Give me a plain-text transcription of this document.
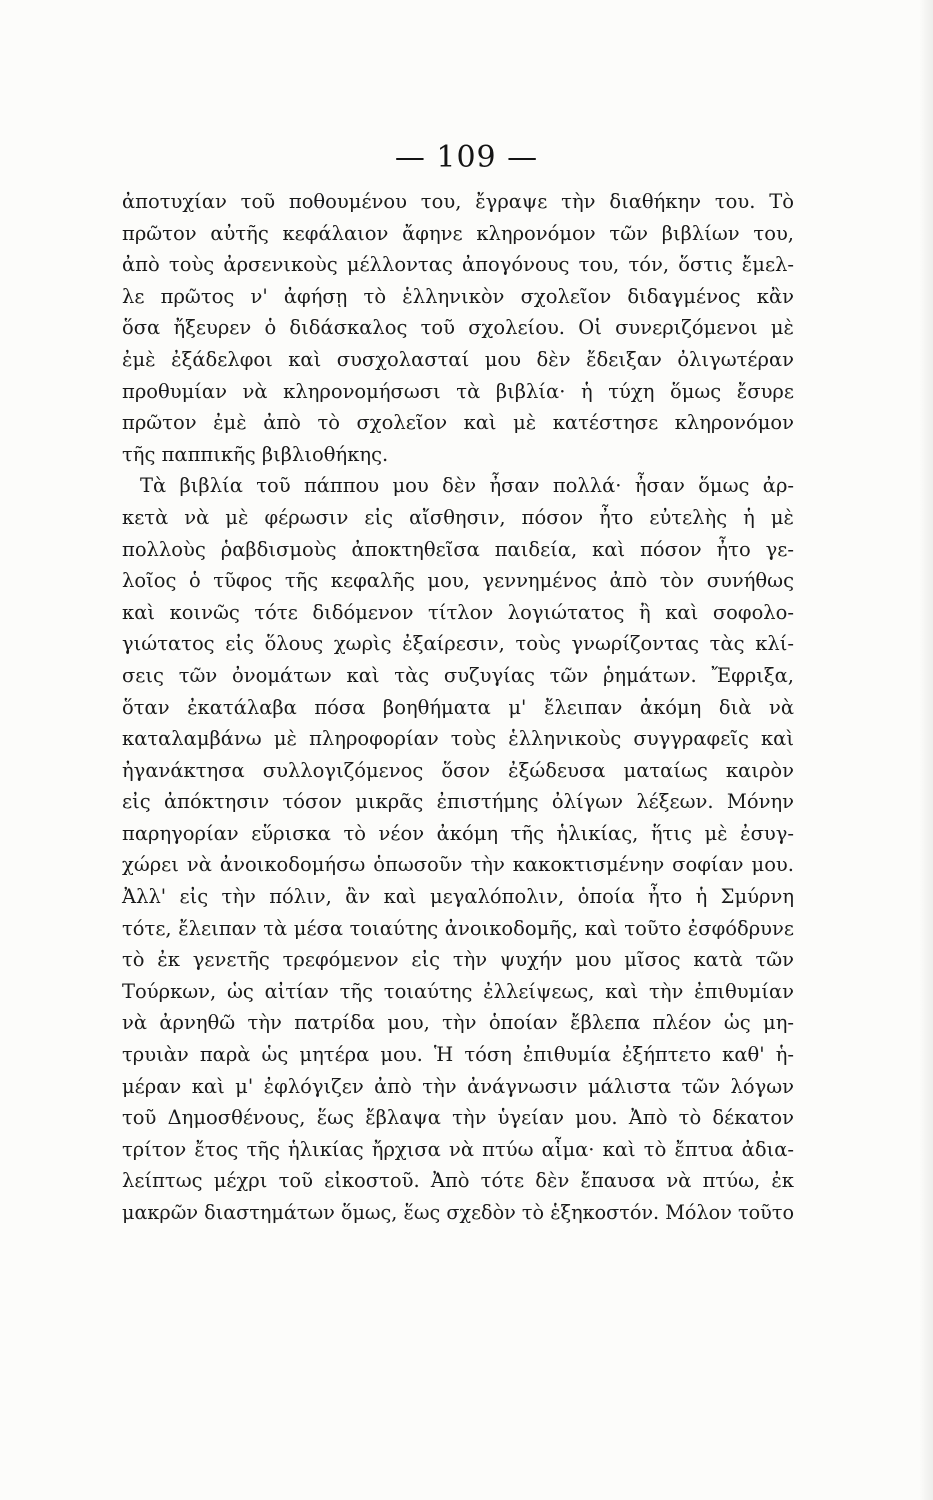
— 109 —
ἀποτυχίαν τοῦ ποθουμένου του, ἔγραψε τὴν διαθήκην του. Τὸ
πρῶτον αὐτῆς κεφάλαιον ἄφηνε κληρονόμον τῶν βιβλίων του,
ἀπὸ τοὺς ἀρσενικοὺς μέλλοντας ἀπογόνους του, τόν, ὅστις ἔμελ-
λε πρῶτος ν' ἀφήσῃ τὸ ἑλληνικὸν σχολεῖον διδαγμένος κἂν
ὅσα ἤξευρεν ὁ διδάσκαλος τοῦ σχολείου. Οἱ συνεριζόμενοι μὲ
ἐμὲ ἐξάδελφοι καὶ συσχολασταί μου δὲν ἔδειξαν ὀλιγωτέραν
προθυμίαν νὰ κληρονομήσωσι τὰ βιβλία· ἡ τύχη ὅμως ἔσυρε
πρῶτον ἐμὲ ἀπὸ τὸ σχολεῖον καὶ μὲ κατέστησε κληρονόμον
τῆς παππικῆς βιβλιοθήκης.
Τὰ βιβλία τοῦ πάππου μου δὲν ἦσαν πολλά· ἦσαν ὅμως ἀρ-
κετὰ νὰ μὲ φέρωσιν εἰς αἴσθησιν, πόσον ἦτο εὐτελὴς ἡ μὲ
πολλοὺς ῥαβδισμοὺς ἀποκτηθεῖσα παιδεία, καὶ πόσον ἦτο γε-
λοῖος ὁ τῦφος τῆς κεφαλῆς μου, γεννημένος ἀπὸ τὸν συνήθως
καὶ κοινῶς τότε διδόμενον τίτλον λογιώτατος ἢ καὶ σοφολο-
γιώτατος εἰς ὅλους χωρὶς ἐξαίρεσιν, τοὺς γνωρίζοντας τὰς κλί-
σεις τῶν ὀνομάτων καὶ τὰς συζυγίας τῶν ῥημάτων. Ἔφριξα,
ὅταν ἐκατάλαβα πόσα βοηθήματα μ' ἔλειπαν ἀκόμη διὰ νὰ
καταλαμβάνω μὲ πληροφορίαν τοὺς ἑλληνικοὺς συγγραφεῖς καὶ
ἠγανάκτησα συλλογιζόμενος ὅσον ἐξώδευσα ματαίως καιρὸν
εἰς ἀπόκτησιν τόσον μικρᾶς ἐπιστήμης ὀλίγων λέξεων. Μόνην
παρηγορίαν εὕρισκα τὸ νέον ἀκόμη τῆς ἡλικίας, ἥτις μὲ ἐσυγ-
χώρει νὰ ἀνοικοδομήσω ὁπωσοῦν τὴν κακοκτισμένην σοφίαν μου.
Ἀλλ' εἰς τὴν πόλιν, ἂν καὶ μεγαλόπολιν, ὁποία ἦτο ἡ Σμύρνη
τότε, ἔλειπαν τὰ μέσα τοιαύτης ἀνοικοδομῆς, καὶ τοῦτο ἐσφόδρυνε
τὸ ἐκ γενετῆς τρεφόμενον εἰς τὴν ψυχήν μου μῖσος κατὰ τῶν
Τούρκων, ὡς αἰτίαν τῆς τοιαύτης ἐλλείψεως, καὶ τὴν ἐπιθυμίαν
νὰ ἀρνηθῶ τὴν πατρίδα μου, τὴν ὁποίαν ἔβλεπα πλέον ὡς μη-
τρυιὰν παρὰ ὡς μητέρα μου. Ἡ τόση ἐπιθυμία ἐξήπτετο καθ' ἡ-
μέραν καὶ μ' ἐφλόγιζεν ἀπὸ τὴν ἀνάγνωσιν μάλιστα τῶν λόγων
τοῦ Δημοσθένους, ἕως ἔβλαψα τὴν ὑγείαν μου. Ἀπὸ τὸ δέκατον
τρίτον ἔτος τῆς ἡλικίας ἤρχισα νὰ πτύω αἷμα· καὶ τὸ ἔπτυα ἀδια-
λείπτως μέχρι τοῦ εἰκοστοῦ. Ἀπὸ τότε δὲν ἔπαυσα νὰ πτύω, ἐκ
μακρῶν διαστημάτων ὅμως, ἕως σχεδὸν τὸ ἑξηκοστόν. Μόλον τοῦτο
